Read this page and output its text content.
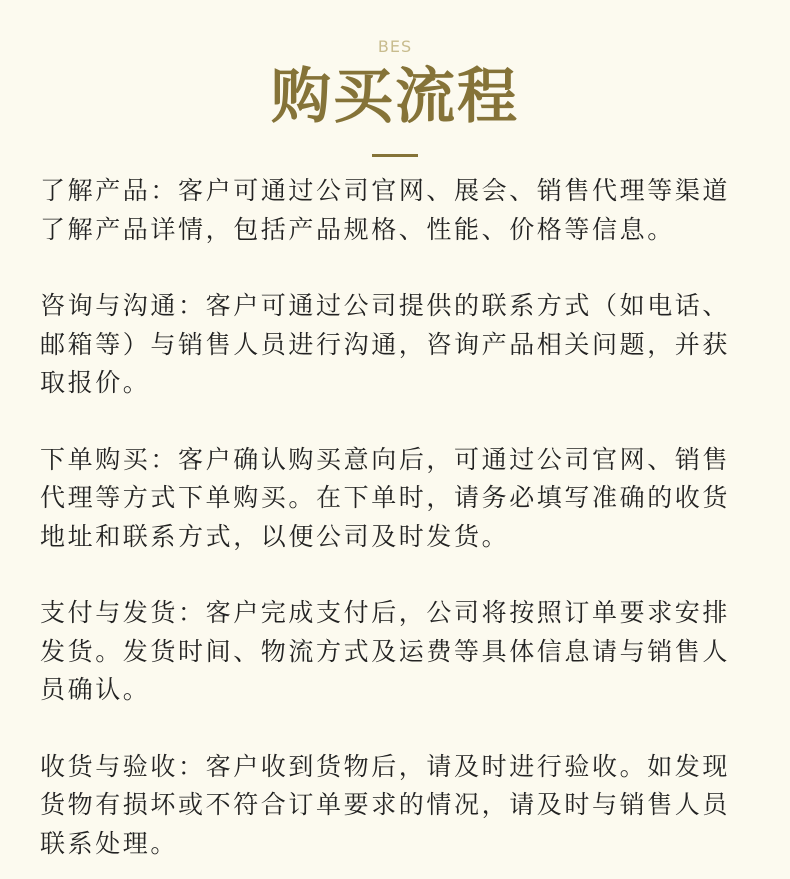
BES
购买流程

了解产品：客户可通过公司官网、展会、销售代理等渠道了解产品详情，包括产品规格、性能、价格等信息。

咨询与沟通：客户可通过公司提供的联系方式（如电话、邮箱等）与销售人员进行沟通，咨询产品相关问题，并获取报价。

下单购买：客户确认购买意向后，可通过公司官网、销售代理等方式下单购买。在下单时，请务必填写准确的收货地址和联系方式，以便公司及时发货。

支付与发货：客户完成支付后，公司将按照订单要求安排发货。发货时间、物流方式及运费等具体信息请与销售人员确认。

收货与验收：客户收到货物后，请及时进行验收。如发现货物有损坏或不符合订单要求的情况，请及时与销售人员联系处理。
